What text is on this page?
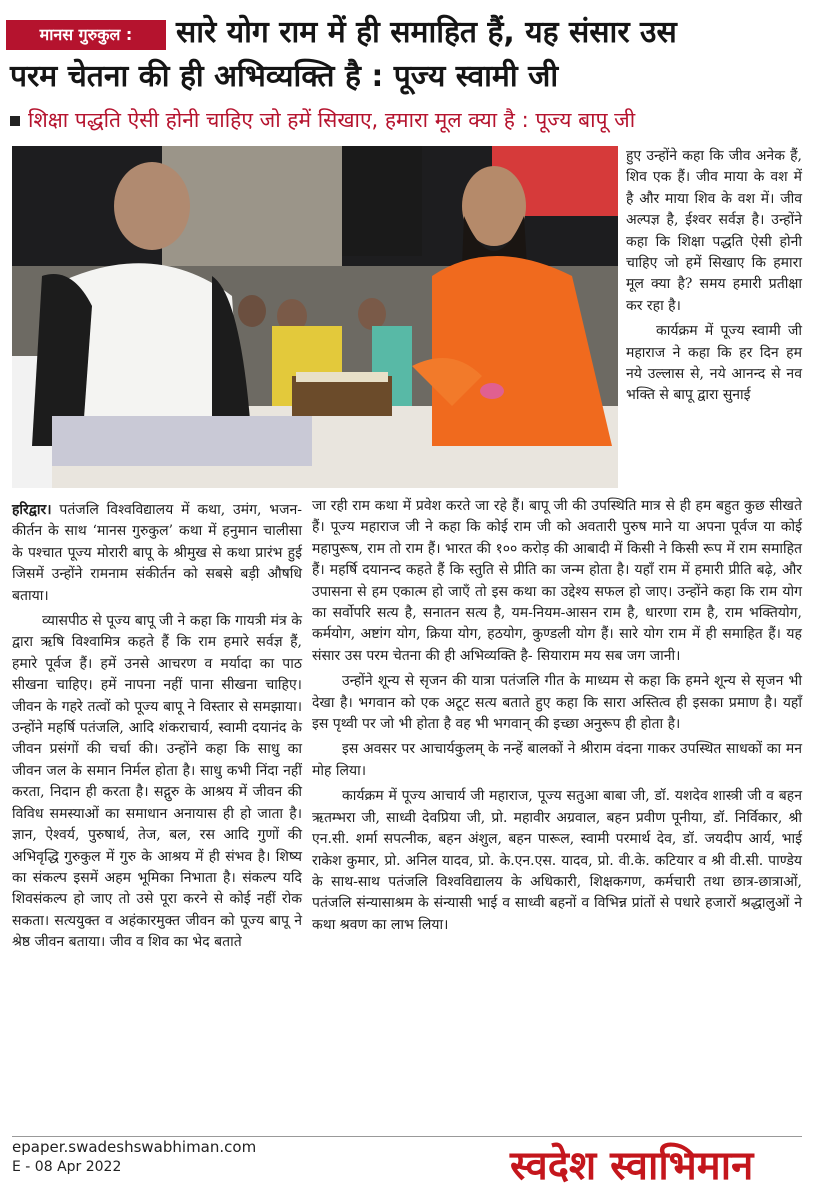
मानस गुरुकुल :	सारे योग राम में ही समाहित हैं, यह संसार उस
परम चेतना की ही अभिव्यक्ति है : पूज्य स्वामी जी
शिक्षा पद्धति ऐसी होनी चाहिए जो हमें सिखाए, हमारा मूल क्या है : पूज्य बापू जी

हुए उन्होंने कहा कि जीव अनेक हैं, शिव एक हैं। जीव माया के वश में है और माया शिव के वश में। जीव अल्पज्ञ है, ईश्वर सर्वज्ञ है। उन्होंने कहा कि शिक्षा पद्धति ऐसी होनी चाहिए जो हमें सिखाए कि हमारा मूल क्या है? समय हमारी प्रतीक्षा कर रहा है।

कार्यक्रम में पूज्य स्वामी जी महाराज ने कहा कि हर दिन हम नये उल्लास से, नये आनन्द से नव भक्ति से बापू द्वारा सुनाई

हरिद्वार। पतंजलि विश्वविद्यालय में कथा, उमंग, भजन-कीर्तन के साथ ‘मानस गुरुकुल’ कथा में हनुमान चालीसा के पश्चात पूज्य मोरारी बापू के श्रीमुख से कथा प्रारंभ हुई जिसमें उन्होंने रामनाम संकीर्तन को सबसे बड़ी औषधि बताया।

व्यासपीठ से पूज्य बापू जी ने कहा कि गायत्री मंत्र के द्वारा ऋषि विश्वामित्र कहते हैं कि राम हमारे सर्वज्ञ हैं, हमारे पूर्वज हैं। हमें उनसे आचरण व मर्यादा का पाठ सीखना चाहिए। हमें नापना नहीं पाना सीखना चाहिए। जीवन के गहरे तत्वों को पूज्य बापू ने विस्तार से समझाया। उन्होंने महर्षि पतंजलि, आदि शंकराचार्य, स्वामी दयानंद के जीवन प्रसंगों की चर्चा की। उन्होंने कहा कि साधु का जीवन जल के समान निर्मल होता है। साधु कभी निंदा नहीं करता, निदान ही करता है। सद्गुरु के आश्रय में जीवन की विविध समस्याओं का समाधान अनायास ही हो जाता है। ज्ञान, ऐश्वर्य, पुरुषार्थ, तेज, बल, रस आदि गुणों की अभिवृद्धि गुरुकुल में गुरु के आश्रय में ही संभव है। शिष्य का संकल्प इसमें अहम भूमिका निभाता है। संकल्प यदि शिवसंकल्प हो जाए तो उसे पूरा करने से कोई नहीं रोक सकता। सत्ययुक्त व अहंकारमुक्त जीवन को पूज्य बापू ने श्रेष्ठ जीवन बताया। जीव व शिव का भेद बताते

जा रही राम कथा में प्रवेश करते जा रहे हैं। बापू जी की उपस्थिति मात्र से ही हम बहुत कुछ सीखते हैं। पूज्य महाराज जी ने कहा कि कोई राम जी को अवतारी पुरुष माने या अपना पूर्वज या कोई महापुरूष, राम तो राम हैं। भारत की १०० करोड़ की आबादी में किसी ने किसी रूप में राम समाहित हैं। महर्षि दयानन्द कहते हैं कि स्तुति से प्रीति का जन्म होता है। यहाँ राम में हमारी प्रीति बढ़े, और उपासना से हम एकात्म हो जाएँ तो इस कथा का उद्देश्य सफल हो जाए। उन्होंने कहा कि राम योग का सर्वोपरि सत्य है, सनातन सत्य है, यम-नियम-आसन राम है, धारणा राम है, राम भक्तियोग, कर्मयोग, अष्टांग योग, क्रिया योग, हठयोग, कुण्डली योग हैं। सारे योग राम में ही समाहित हैं। यह संसार उस परम चेतना की ही अभिव्यक्ति है- सियाराम मय सब जग जानी।

उन्होंने शून्य से सृजन की यात्रा पतंजलि गीत के माध्यम से कहा कि हमने शून्य से सृजन भी देखा है। भगवान को एक अटूट सत्य बताते हुए कहा कि सारा अस्तित्व ही इसका प्रमाण है। यहाँ इस पृथ्वी पर जो भी होता है वह भी भगवान् की इच्छा अनुरूप ही होता है।

इस अवसर पर आचार्यकुलम् के नन्हें बालकों ने श्रीराम वंदना गाकर उपस्थित साधकों का मन मोह लिया।

कार्यक्रम में पूज्य आचार्य जी महाराज, पूज्य सतुआ बाबा जी, डॉ. यशदेव शास्त्री जी व बहन ऋतम्भरा जी, साध्वी देवप्रिया जी, प्रो. महावीर अग्रवाल, बहन प्रवीण पूनीया, डॉ. निर्विकार, श्री एन.सी. शर्मा सपत्नीक, बहन अंशुल, बहन पारूल, स्वामी परमार्थ देव, डॉ. जयदीप आर्य, भाई राकेश कुमार, प्रो. अनिल यादव, प्रो. के.एन.एस. यादव, प्रो. वी.के. कटियार व श्री वी.सी. पाण्डेय के साथ-साथ पतंजलि विश्वविद्यालय के अधिकारी, शिक्षकगण, कर्मचारी तथा छात्र-छात्राओं, पतंजलि संन्यासाश्रम के संन्यासी भाई व साध्वी बहनों व विभिन्न प्रांतों से पधारे हजारों श्रद्धालुओं ने कथा श्रवण का लाभ लिया।

epaper.swadeshswabhiman.com
E - 08 Apr 2022	स्वदेश स्वाभिमान
